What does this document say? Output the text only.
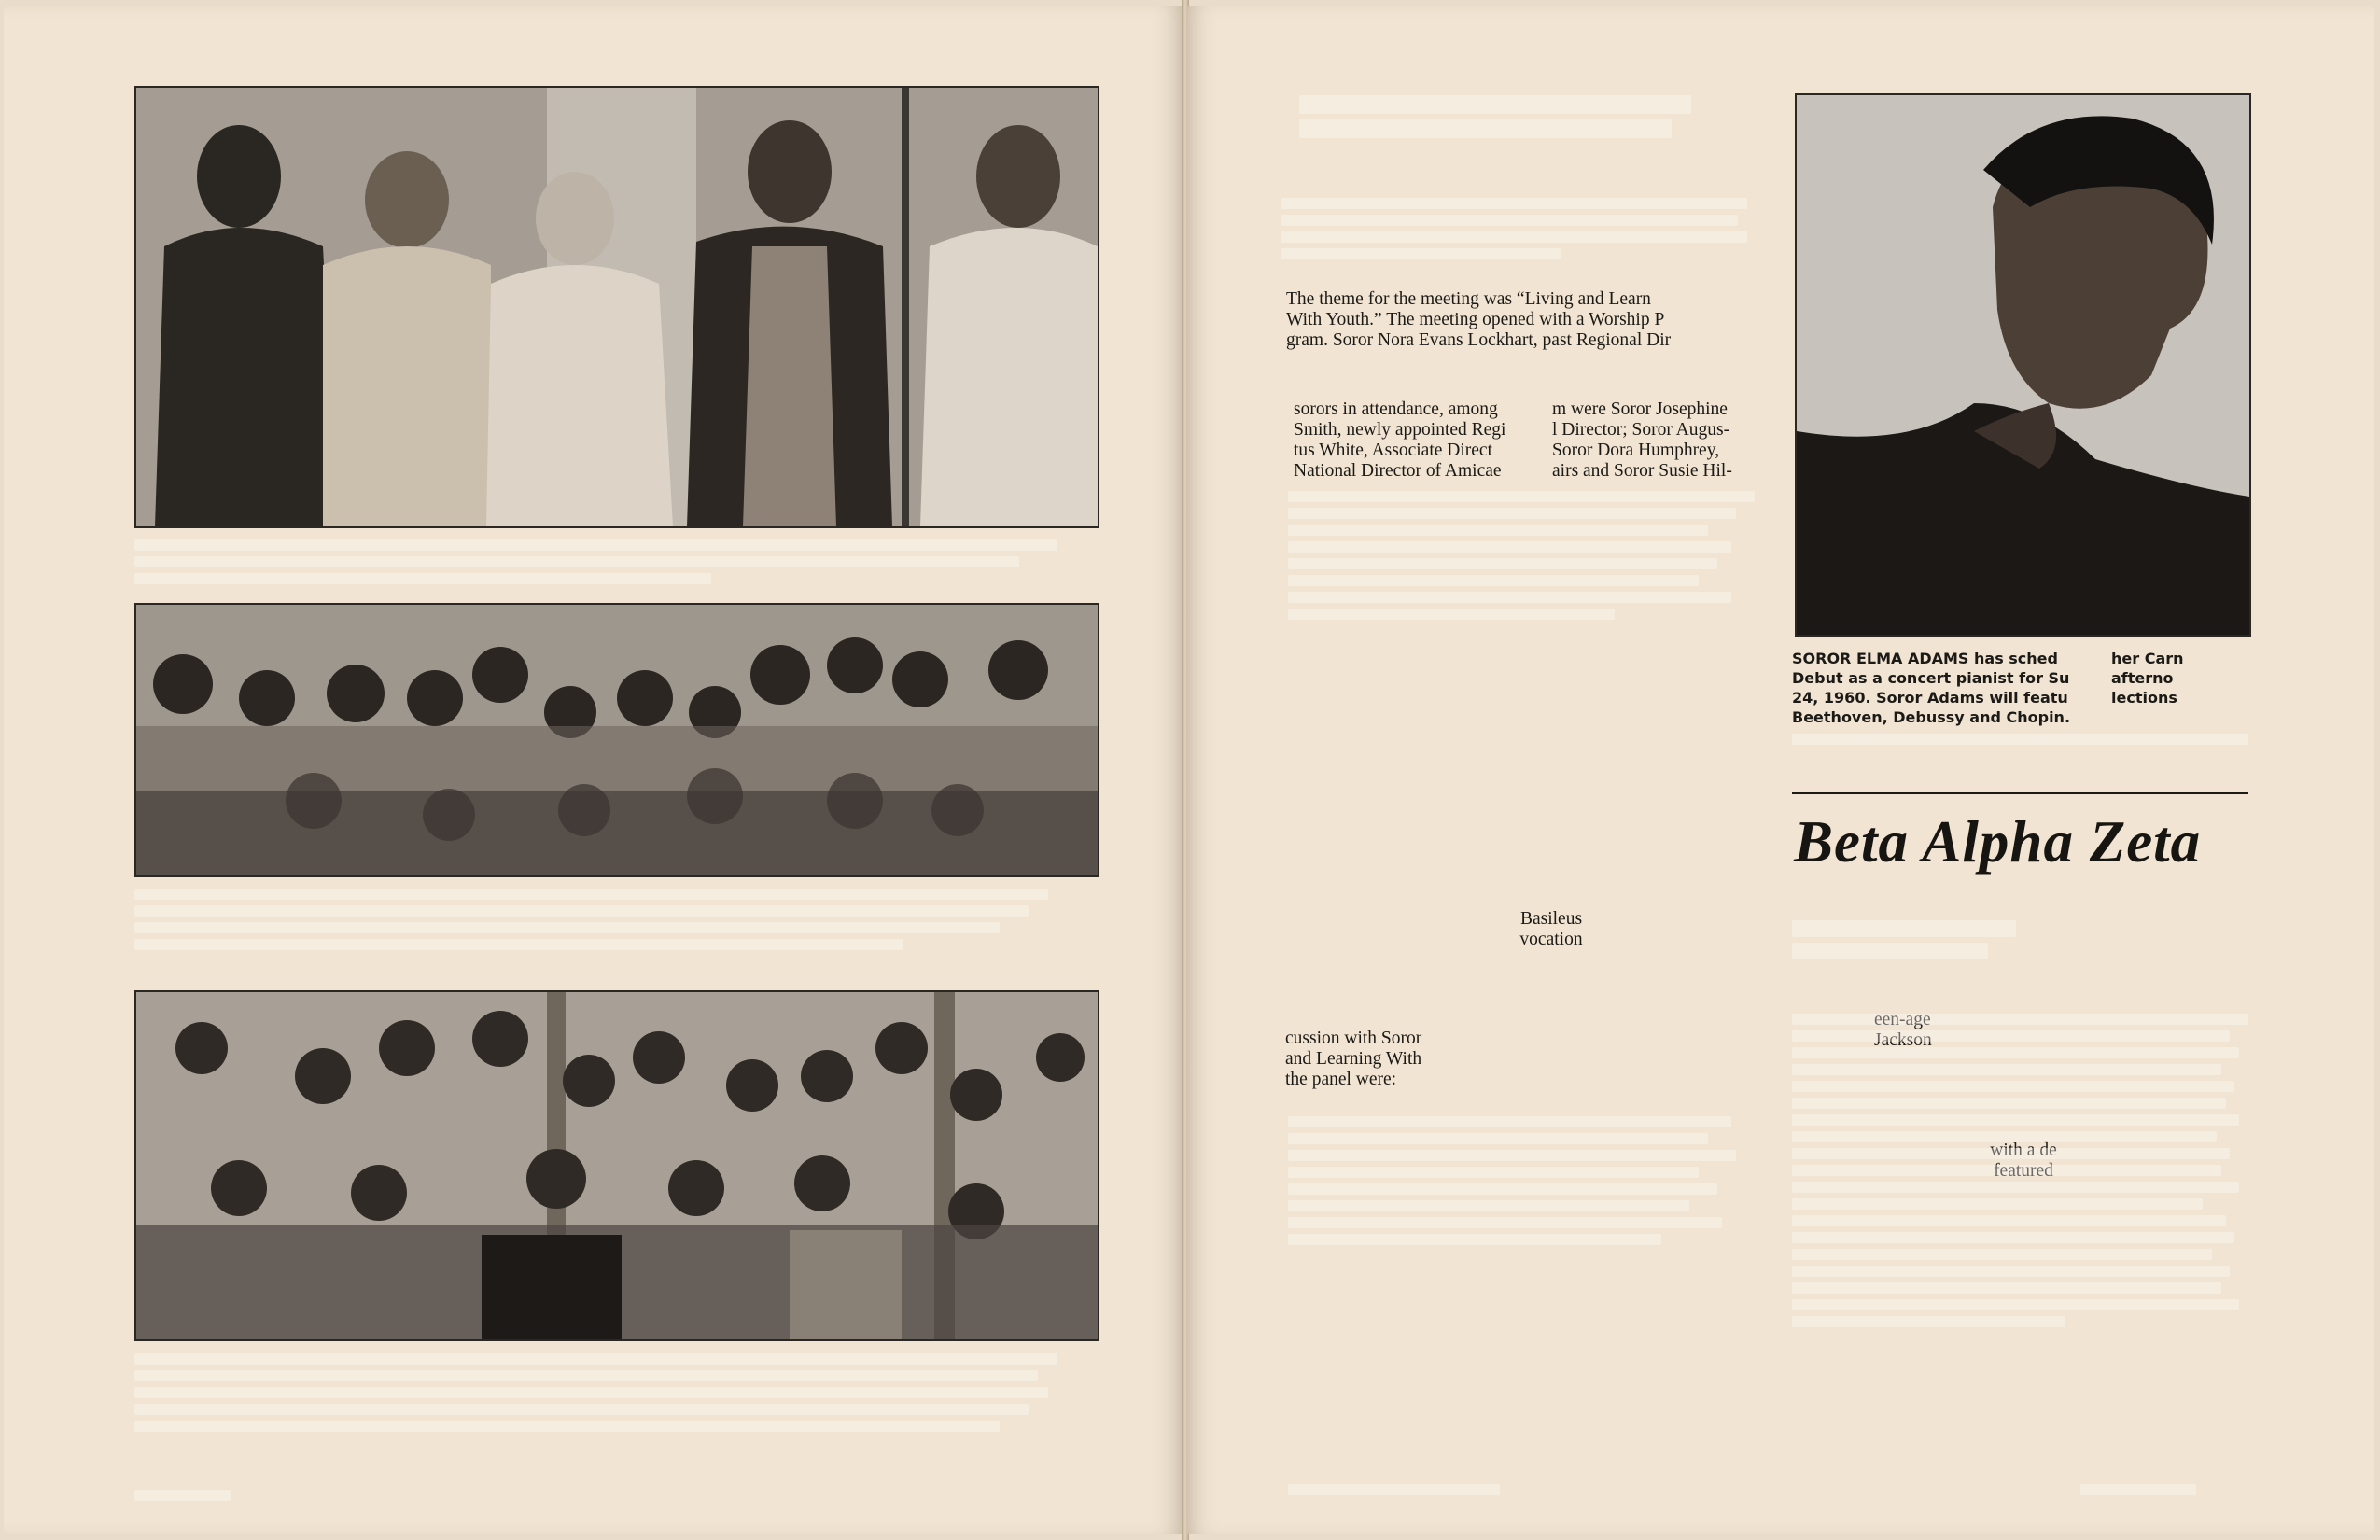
The theme for the meeting was “Living and Learn
With Youth.” The meeting opened with a Worship P
gram. Soror Nora Evans Lockhart, past Regional Dir
sorors in attendance, among
Smith, newly appointed Regi
tus White, Associate Direct
National Director of Amicae
m were Soror Josephine
l Director; Soror Augus-
Soror Dora Humphrey,
airs and Soror Susie Hil-
Basileus
vocation
cussion with Soror
and Learning With
the panel were:
SOROR ELMA ADAMS has sched
Debut as a concert pianist for Su
24, 1960. Soror Adams will featu
Beethoven, Debussy and Chopin.
her Carn
afterno
lections
Beta Alpha Zeta
een-age
Jackson
with a de
featured
